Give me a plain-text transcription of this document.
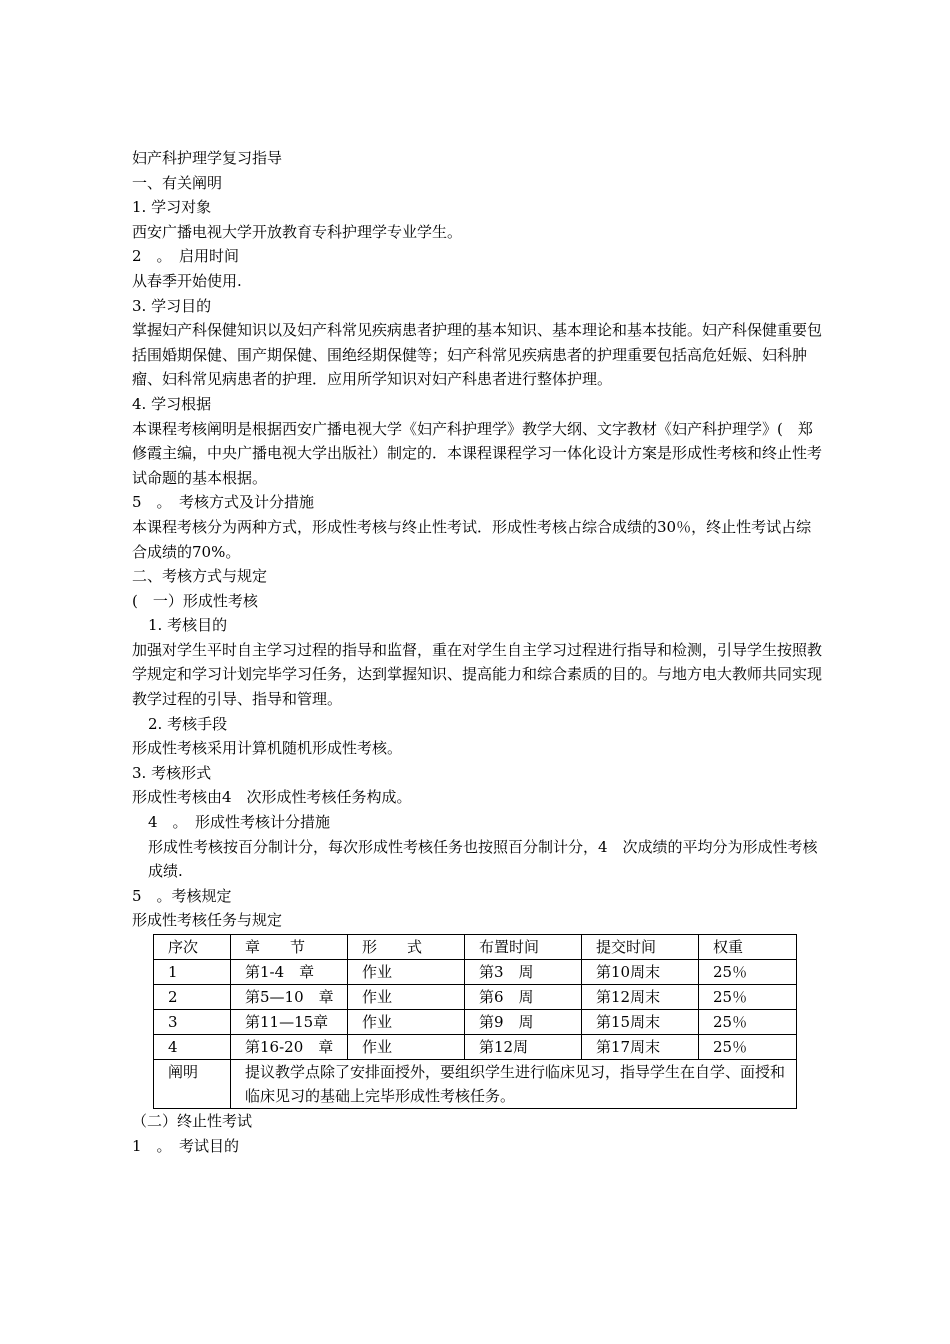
妇产科护理学复习指导

一、有关阐明

1. 学习对象

西安广播电视大学开放教育专科护理学专业学生。

2　。　启用时间

从春季开始使用.

3. 学习目的

掌握妇产科保健知识以及妇产科常见疾病患者护理的基本知识、基本理论和基本技能。妇产科保健重要包括围婚期保健、围产期保健、围绝经期保健等；妇产科常见疾病患者的护理重要包括高危妊娠、妇科肿瘤、妇科常见病患者的护理．应用所学知识对妇产科患者进行整体护理。

4. 学习根据

本课程考核阐明是根据西安广播电视大学《妇产科护理学》教学大纲、文字教材《妇产科护理学》(　郑修霞主编，中央广播电视大学出版社）制定的．本课程课程学习一体化设计方案是形成性考核和终止性考试命题的基本根据。

5　。　考核方式及计分措施

本课程考核分为两种方式，形成性考核与终止性考试．形成性考核占综合成绩的30％，终止性考试占综合成绩的70%。

二、考核方式与规定

(　一）形成性考核

1. 考核目的

加强对学生平时自主学习过程的指导和监督，重在对学生自主学习过程进行指导和检测，引导学生按照教学规定和学习计划完毕学习任务，达到掌握知识、提高能力和综合素质的目的。与地方电大教师共同实现教学过程的引导、指导和管理。

2. 考核手段

形成性考核采用计算机随机形成性考核。

3. 考核形式

形成性考核由4　次形成性考核任务构成。

4　。　形成性考核计分措施

形成性考核按百分制计分，每次形成性考核任务也按照百分制计分，4　次成绩的平均分为形成性考核成绩.

5　。考核规定

形成性考核任务与规定

序次	章　　节	形　　式	布置时间	提交时间	权重
1	第1-4　章	作业	第3　周	第10周末	25％
2	第5—10　章	作业	第6　周	第12周末	25％
3	第11—15章	作业	第9　周	第15周末	25％
4	第16-20　章	作业	第12周	第17周末	25％
阐明	提议教学点除了安排面授外，要组织学生进行临床见习，指导学生在自学、面授和临床见习的基础上完毕形成性考核任务。				

（二）终止性考试

1　。　考试目的
